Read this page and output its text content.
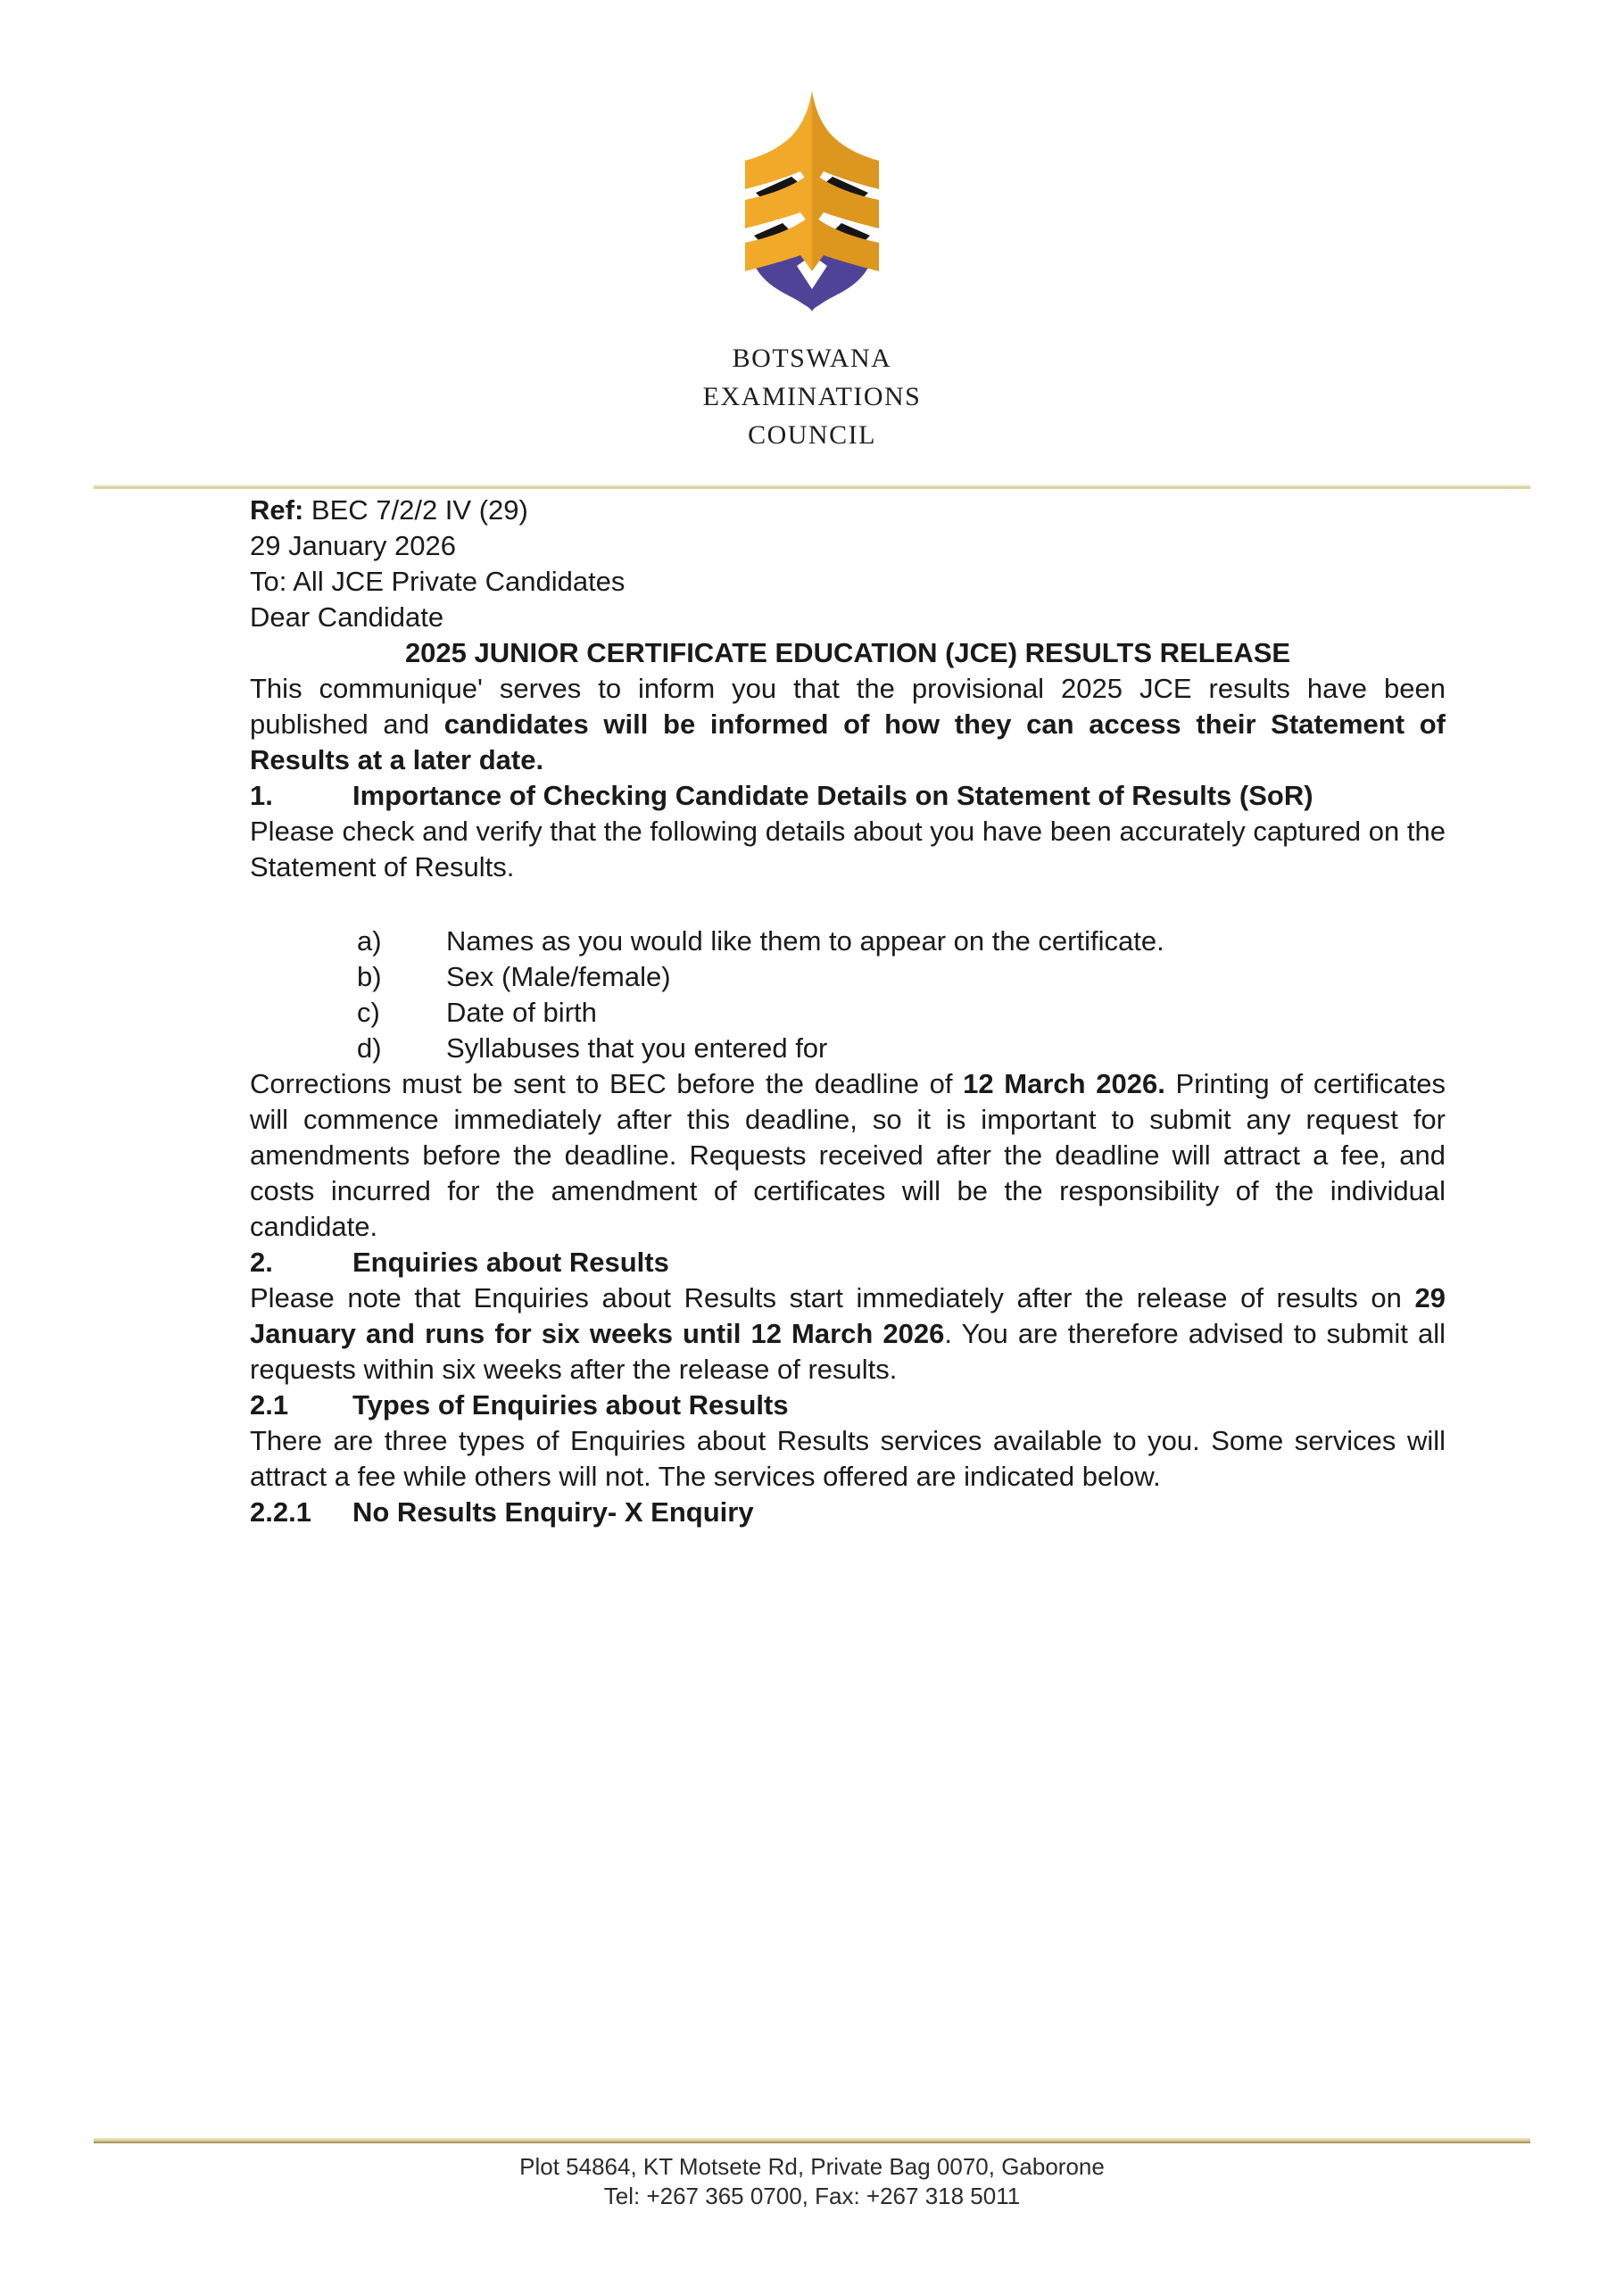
BOTSWANA
EXAMINATIONS
COUNCIL

Ref: BEC 7/2/2 IV (29)

29 January 2026

To: All JCE Private Candidates

Dear Candidate

2025 JUNIOR CERTIFICATE EDUCATION (JCE) RESULTS RELEASE

This communique' serves to inform you that the provisional 2025 JCE results have been published and candidates will be informed of how they can access their Statement of Results at a later date.

1.	Importance of Checking Candidate Details on Statement of Results (SoR)

Please check and verify that the following details about you have been accurately captured on the Statement of Results.

a)	Names as you would like them to appear on the certificate.
b)	Sex (Male/female)
c)	Date of birth
d)	Syllabuses that you entered for

Corrections must be sent to BEC before the deadline of 12 March 2026. Printing of certificates will commence immediately after this deadline, so it is important to submit any request for amendments before the deadline. Requests received after the deadline will attract a fee, and costs incurred for the amendment of certificates will be the responsibility of the individual candidate.

2.	Enquiries about Results

Please note that Enquiries about Results start immediately after the release of results on 29 January and runs for six weeks until 12 March 2026. You are therefore advised to submit all requests within six weeks after the release of results.

2.1	Types of Enquiries about Results

There are three types of Enquiries about Results services available to you. Some services will attract a fee while others will not. The services offered are indicated below.

2.2.1	No Results Enquiry- X Enquiry
Plot 54864, KT Motsete Rd, Private Bag 0070, Gaborone
Tel: +267 365 0700, Fax: +267 318 5011
